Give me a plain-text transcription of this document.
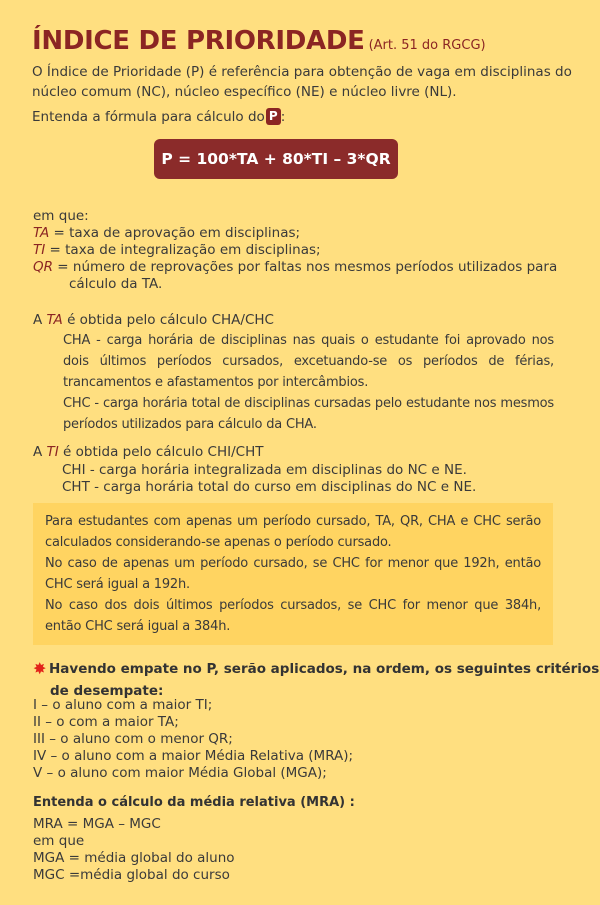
ÍNDICE DE PRIORIDADE (Art. 51 do RGCG)
O Índice de Prioridade (P) é referência para obtenção de vaga em disciplinas do núcleo comum (NC), núcleo específico (NE) e núcleo livre (NL).
Entenda a fórmula para cálculo do P :
P = 100*TA + 80*TI – 3*QR
em que:
TA = taxa de aprovação em disciplinas;
TI = taxa de integralização em disciplinas;
QR = número de reprovações por faltas nos mesmos períodos utilizados para
cálculo da TA.
A TA é obtida pelo cálculo CHA/CHC
CHA - carga horária de disciplinas nas quais o estudante foi aprovado nos dois últimos períodos cursados, excetuando-se os períodos de férias, trancamentos e afastamentos por intercâmbios.
CHC - carga horária total de disciplinas cursadas pelo estudante nos mesmos períodos utilizados para cálculo da CHA.
A TI é obtida pelo cálculo CHI/CHT
CHI - carga horária integralizada em disciplinas do NC e NE.
CHT - carga horária total do curso em disciplinas do NC e NE.

Para estudantes com apenas um período cursado, TA, QR, CHA e CHC serão calculados considerando-se apenas o período cursado.

No caso de apenas um período cursado, se CHC for menor que 192h, então CHC será igual a 192h.

No caso dos dois últimos períodos cursados, se CHC for menor que 384h, então CHC será igual a 384h.

✸ Havendo empate no P, serão aplicados, na ordem, os seguintes critérios
de desempate:
I – o aluno com a maior TI;
II – o com a maior TA;
III – o aluno com o menor QR;
IV – o aluno com a maior Média Relativa (MRA);
V – o aluno com maior Média Global (MGA);
Entenda o cálculo da média relativa (MRA) :
MRA = MGA – MGC
em que
MGA = média global do aluno
MGC =média global do curso
